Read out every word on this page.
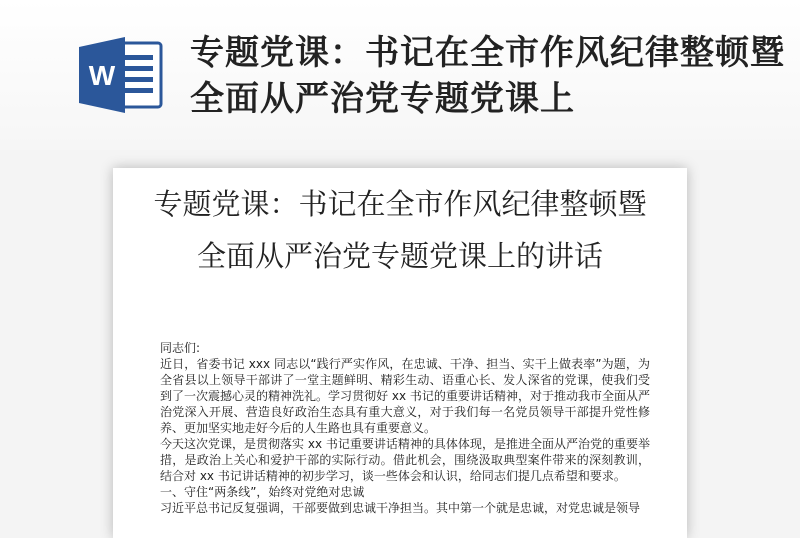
W
专题党课：书记在全市作风纪律整顿暨全面从严治党专题党课上
专题党课：书记在全市作风纪律整顿暨全面从严治党专题党课上的讲话

同志们:

近日，省委书记 xxx 同志以“践行严实作风，在忠诚、干净、担当、实干上做表率”为题，为全省县以上领导干部讲了一堂主题鲜明、精彩生动、语重心长、发人深省的党课，使我们受到了一次震撼心灵的精神洗礼。学习贯彻好 xx 书记的重要讲话精神，对于推动我市全面从严治党深入开展、营造良好政治生态具有重大意义，对于我们每一名党员领导干部提升党性修养、更加坚实地走好今后的人生路也具有重要意义。

今天这次党课，是贯彻落实 xx 书记重要讲话精神的具体体现，是推进全面从严治党的重要举措，是政治上关心和爱护干部的实际行动。借此机会，围绕汲取典型案件带来的深刻教训，结合对 xx 书记讲话精神的初步学习，谈一些体会和认识，给同志们提几点希望和要求。

一、守住“两条线”，始终对党绝对忠诚

习近平总书记反复强调，干部要做到忠诚干净担当。其中第一个就是忠诚，对党忠诚是领导
